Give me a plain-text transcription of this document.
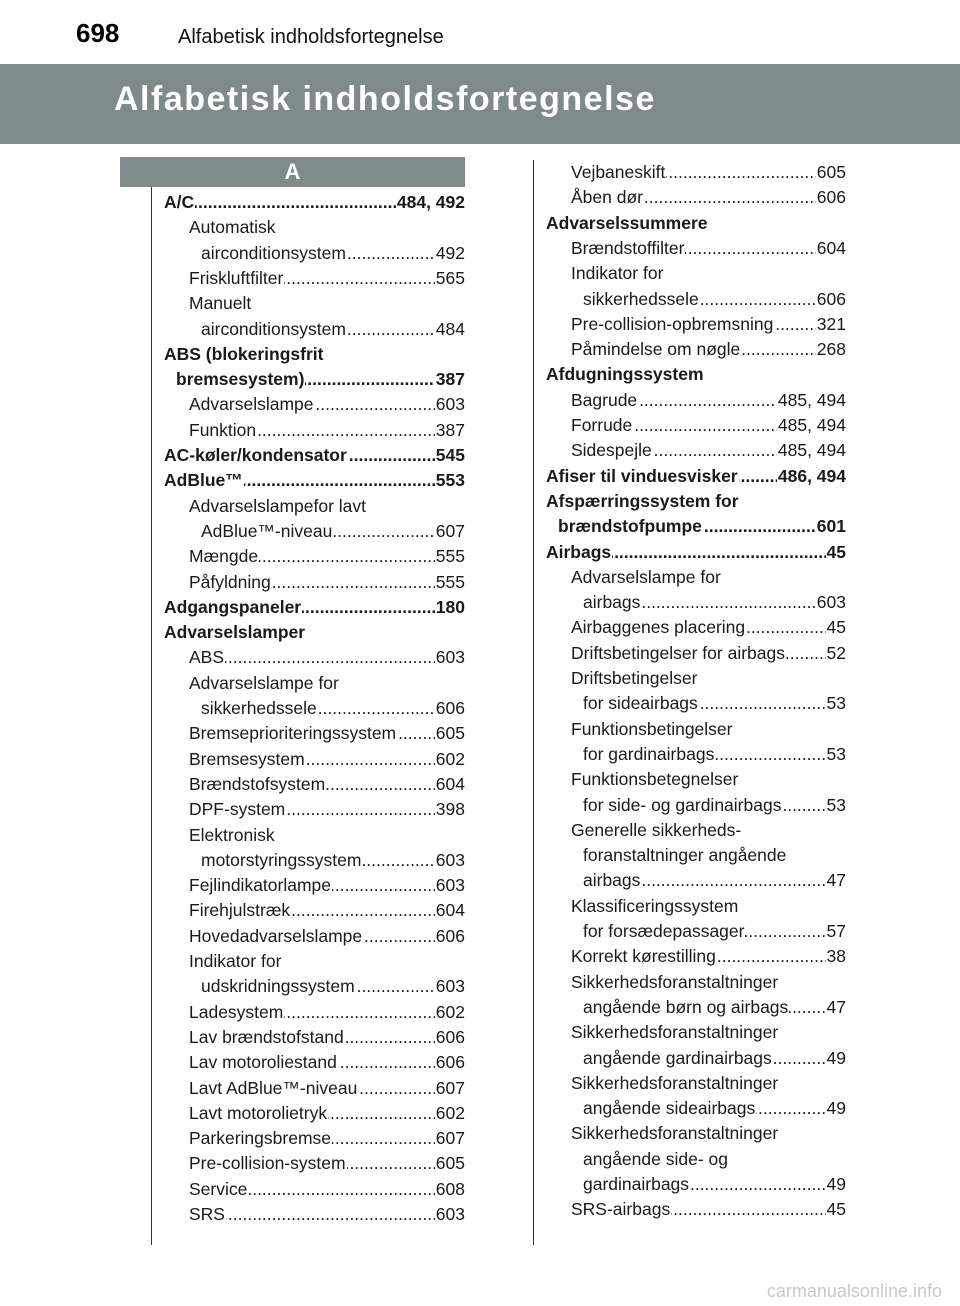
698	Alfabetisk indholdsfortegnelse
Alfabetisk indholdsfortegnelse
A
A/C	484, 492
.....
Automatisk
airconditionsystem	492
.....
Friskluftfilter	565
.....
Manuelt
airconditionsystem	484
.....
ABS (blokeringsfrit
bremsesystem)	387
.....
Advarselslampe	603
.....
Funktion	387
.....
AC-køler/kondensator	545
.....
AdBlue™	553
.....
Advarselslampefor lavt
AdBlue™-niveau	607
.....
Mængde	555
.....
Påfyldning	555
.....
Adgangspaneler	180
.....
Advarselslamper
ABS	603
.....
Advarselslampe for
sikkerhedssele	606
.....
Bremseprioriteringssystem 605
.....
Bremsesystem	602
.....
Brændstofsystem	604
.....
DPF-system	398
.....
Elektronisk
motorstyringssystem	603
.....
Fejlindikatorlampe	603
.....
Firehjulstræk	604
.....
Hovedadvarselslampe	606
.....
Indikator for
udskridningssystem	603
.....
Ladesystem	602
.....
Lav brændstofstand	606
.....
Lav motoroliestand	606
.....
Lavt AdBlue™-niveau	607
.....
Lavt motorolietryk	602
.....
Parkeringsbremse	607
.....
Pre-collision-system	605
.....
Service	608
.....
SRS	603
.....
Vejbaneskift	605
.....
Åben dør	606
.....
Advarselssummere
Brændstoffilter	604
.....
Indikator for
sikkerhedssele	606
.....
Pre-collision-opbremsning 321
.....
Påmindelse om nøgle	268
.....
Afdugningssystem
Bagrude	485, 494
.....
Forrude	485, 494
.....
Sidespejle	485, 494
.....
Afiser til vinduesvisker 486, 494
.....
Afspærringssystem for
brændstofpumpe	601
.....
Airbags	45
.....
Advarselslampe for
airbags	603
.....
Airbaggenes placering	45
.....
Driftsbetingelser for airbags 52
.....
Driftsbetingelser
for sideairbags	53
.....
Funktionsbetingelser
for gardinairbags	53
.....
Funktionsbetegnelser
for side- og gardinairbags	53
.....
Generelle sikkerheds-
foranstaltninger angående
airbags	47
.....
Klassificeringssystem
for forsædepassager	57
.....
Korrekt kørestilling	38
.....
Sikkerhedsforanstaltninger
angående børn og airbags 47
.....
Sikkerhedsforanstaltninger
angående gardinairbags	49
.....
Sikkerhedsforanstaltninger
angående sideairbags	49
.....
Sikkerhedsforanstaltninger
angående side- og
gardinairbags	49
.....
SRS-airbags	45
.....
carmanualsonline.info
